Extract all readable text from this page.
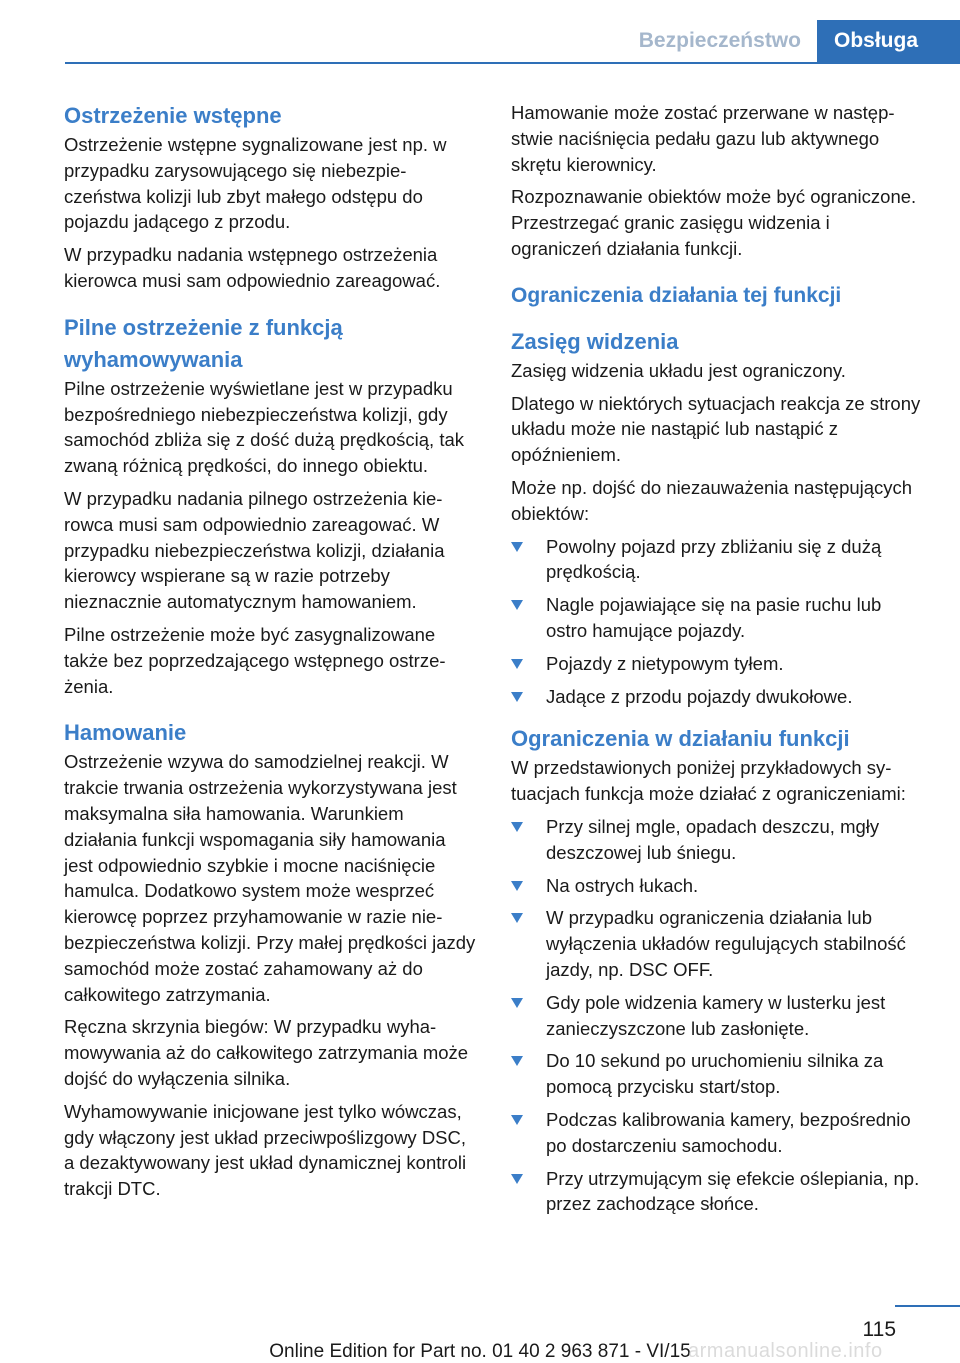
Bezpieczeństwo	Obsługa
Ostrzeżenie wstępne

Ostrzeżenie wstępne sygnalizowane jest np. w przypadku zarysowującego się niebezpieczeństwa kolizji lub zbyt małego odstępu do pojazdu jadącego z przodu.

W przypadku nadania wstępnego ostrzeżenia kierowca musi sam odpowiednio zareagować.

Pilne ostrzeżenie z funkcją wyhamowywania

Pilne ostrzeżenie wyświetlane jest w przypadku bezpośredniego niebezpieczeństwa kolizji, gdy samochód zbliża się z dość dużą prędkością, tak zwaną różnicą prędkości, do innego obiektu.

W przypadku nadania pilnego ostrzeżenia kierowca musi sam odpowiednio zareagować. W przypadku niebezpieczeństwa kolizji, działania kierowcy wspierane są w razie potrzeby nieznacznie automatycznym hamowaniem.

Pilne ostrzeżenie może być zasygnalizowane także bez poprzedzającego wstępnego ostrzeżenia.

Hamowanie

Ostrzeżenie wzywa do samodzielnej reakcji. W trakcie trwania ostrzeżenia wykorzystywana jest maksymalna siła hamowania. Warunkiem działania funkcji wspomagania siły hamowania jest odpowiednio szybkie i mocne naciśnięcie hamulca. Dodatkowo system może wesprzeć kierowcę poprzez przyhamowanie w razie niebezpieczeństwa kolizji. Przy małej prędkości jazdy samochód może zostać zahamowany aż do całkowitego zatrzymania.

Ręczna skrzynia biegów: W przypadku wyhamowywania aż do całkowitego zatrzymania może dojść do wyłączenia silnika.

Wyhamowywanie inicjowane jest tylko wówczas, gdy włączony jest układ przeciwpoślizgowy DSC, a dezaktywowany jest układ dynamicznej kontroli trakcji DTC.

Hamowanie może zostać przerwane w następstwie naciśnięcia pedału gazu lub aktywnego skrętu kierownicy.

Rozpoznawanie obiektów może być ograniczone. Przestrzegać granic zasięgu widzenia i ograniczeń działania funkcji.

Ograniczenia działania tej funkcji
Zasięg widzenia

Zasięg widzenia układu jest ograniczony.

Dlatego w niektórych sytuacjach reakcja ze strony układu może nie nastąpić lub nastąpić z opóźnieniem.

Może np. dojść do niezauważenia następujących obiektów:

Powolny pojazd przy zbliżaniu się z dużą prędkością.
Nagle pojawiające się na pasie ruchu lub ostro hamujące pojazdy.
Pojazdy z nietypowym tyłem.
Jadące z przodu pojazdy dwukołowe.
Ograniczenia w działaniu funkcji

W przedstawionych poniżej przykładowych sytuacjach funkcja może działać z ograniczeniami:

Przy silnej mgle, opadach deszczu, mgły deszczowej lub śniegu.
Na ostrych łukach.
W przypadku ograniczenia działania lub wyłączenia układów regulujących stabilność jazdy, np. DSC OFF.
Gdy pole widzenia kamery w lusterku jest zanieczyszczone lub zasłonięte.
Do 10 sekund po uruchomieniu silnika za pomocą przycisku start/stop.
Podczas kalibrowania kamery, bezpośrednio po dostarczeniu samochodu.
Przy utrzymującym się efekcie oślepiania, np. przez zachodzące słońce.
115
Online Edition for Part no. 01 40 2 963 871 - VI/15
armanualsonline.info
